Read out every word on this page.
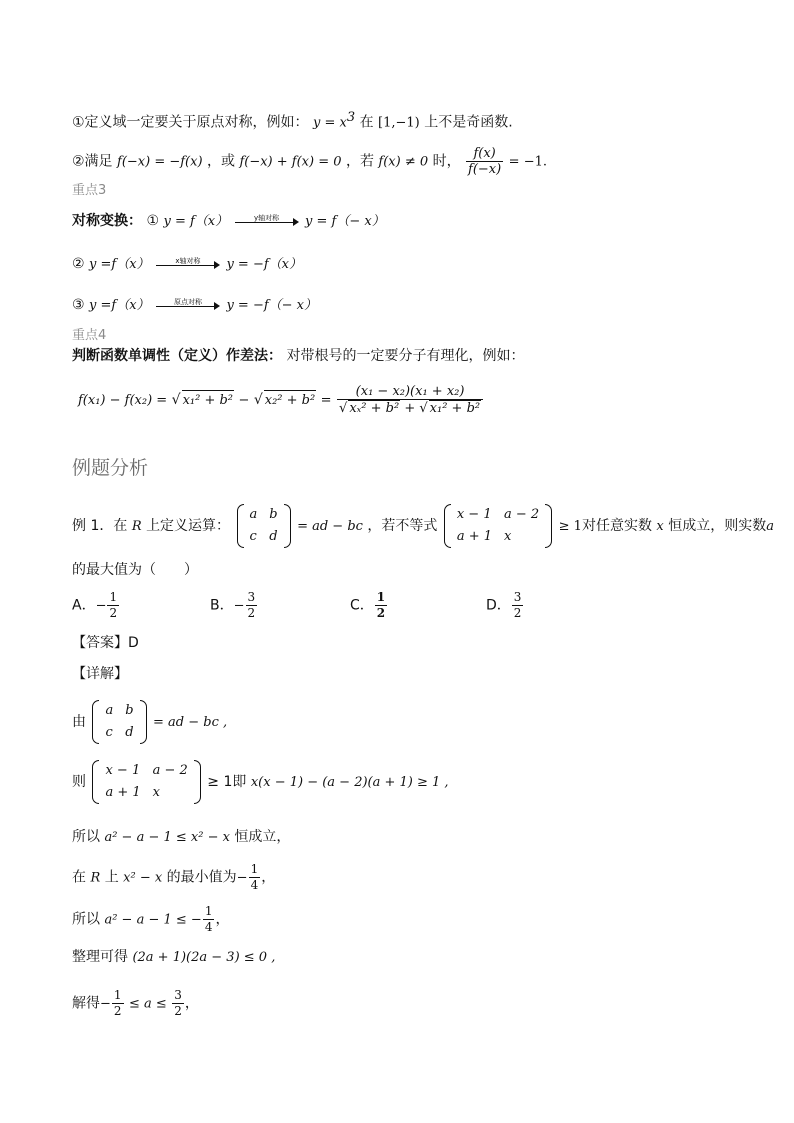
①定义域一定要关于原点对称，例如： $y = x^3$ 在 [1,−1) 上不是奇函数.
②满足 f(−x) = −f(x) ，或 f(−x) + f(x) = 0 ，若 f(x) ≠ 0 时， $\frac{f(x)}{f(-x)} = -1$.
重点3
对称变换： ① y = f（x）	y轴对称	y = f（− x）
② y =f（x）	x轴对称	y = −f（x）
③ y =f（x）	原点对称	y = −f（− x）
重点4
判断函数单调性（定义）作差法： 对带根号的一定要分子有理化，例如：
f(x₁) − f(x₂) = √ x₁² + b² − √ $x_2^2 + b^2 = \frac{\text{(x₁ − x₂)(x₁ + x₂)}}{\text{√ xₓ² + b² + √ x₁² + b²}}$
例题分析
例 1．在 R 上定义运算：
a	b
c	d
= ad − bc ，若不等式
x − 1	a − 2
a + 1	x
≥ 1对任意实数 x 恒成立，则实数a
的最大值为（　　）
A．− $\frac{1}{2}$	B．− $\frac{3}{2}$	C． $\frac{1}{2}$	D． $\frac{3}{2}$
【答案】D
【详解】
由
a	b
c	d
= ad − bc ,
则
x − 1	a − 2
a + 1	x
≥ 1即 x(x − 1) − (a − 2)(a + 1) ≥ 1 ,
所以 a² − a − 1 ≤ x² − x 恒成立，
在 R 上 x² − x 的最小值为− $\frac{1}{4}$ ，
所以 a² − a − 1 ≤ − $\frac{1}{4}$ ，
整理可得 (2a + 1)(2a − 3) ≤ 0 ,
解得− $\frac{1}{2} \le a \le \frac{3}{2}$ ，
